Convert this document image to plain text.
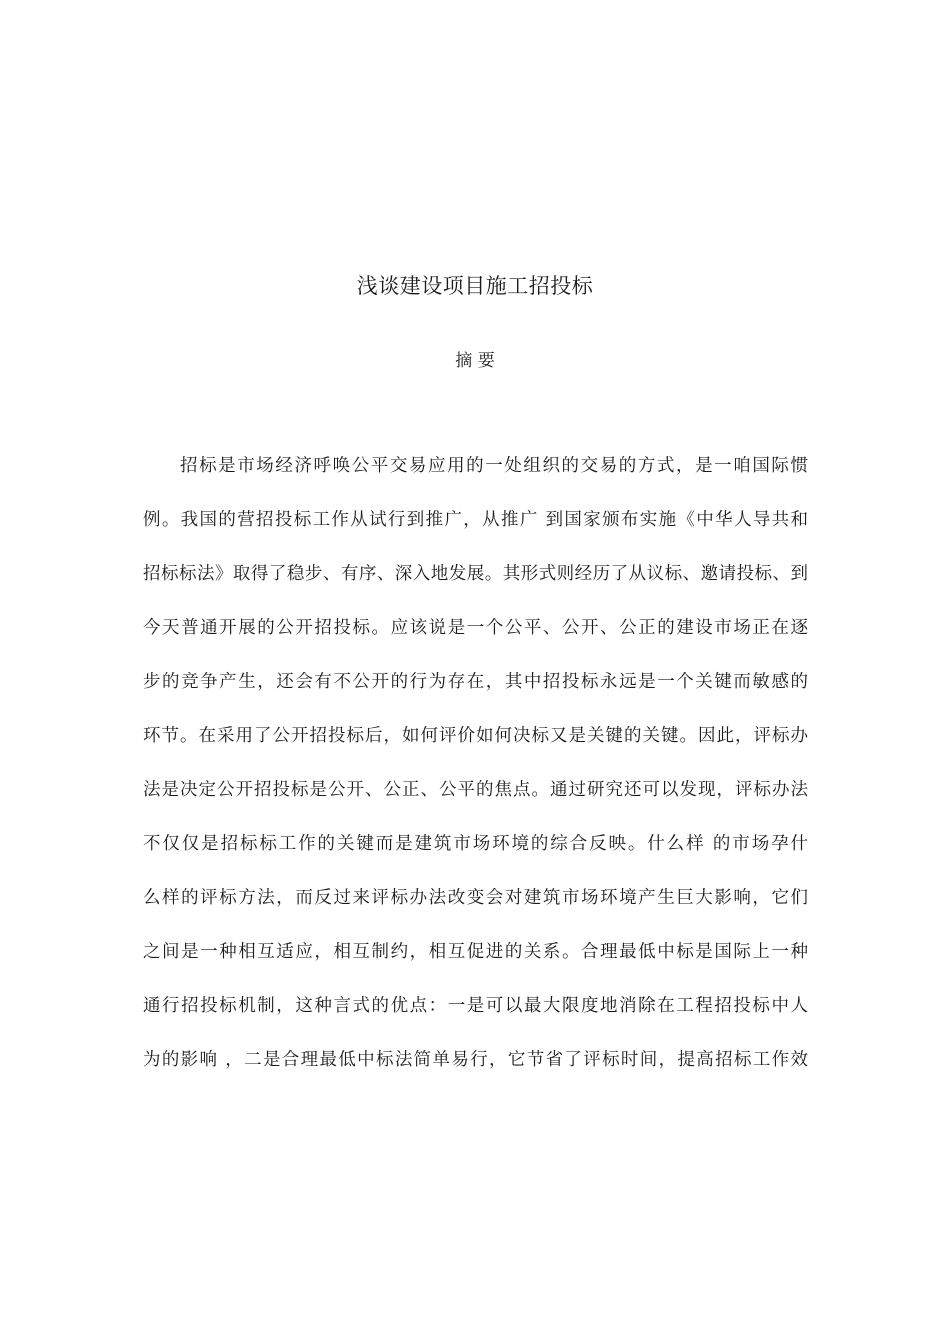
浅谈建设项目施工招投标
摘 要
招标是市场经济呼唤公平交易应用的一处组织的交易的方式，是一咱国际惯
例。我国的营招投标工作从试行到推广，从推广 到国家颁布实施《中华人导共和
招标标法》取得了稳步、有序、深入地发展。其形式则经历了从议标、邀请投标、到
今天普通开展的公开招投标。应该说是一个公平、公开、公正的建设市场正在逐
步的竞争产生，还会有不公开的行为存在，其中招投标永远是一个关键而敏感的
环节。在采用了公开招投标后，如何评价如何决标又是关键的关键。因此，评标办
法是决定公开招投标是公开、公正、公平的焦点。通过研究还可以发现，评标办法
不仅仅是招标标工作的关键而是建筑市场环境的综合反映。什么样 的市场孕什
么样的评标方法，而反过来评标办法改变会对建筑市场环境产生巨大影响，它们
之间是一种相互适应，相互制约，相互促进的关系。合理最低中标是国际上一种
通行招投标机制，这种言式的优点：一是可以最大限度地消除在工程招投标中人
为的影响 ，二是合理最低中标法简单易行，它节省了评标时间，提高招标工作效
